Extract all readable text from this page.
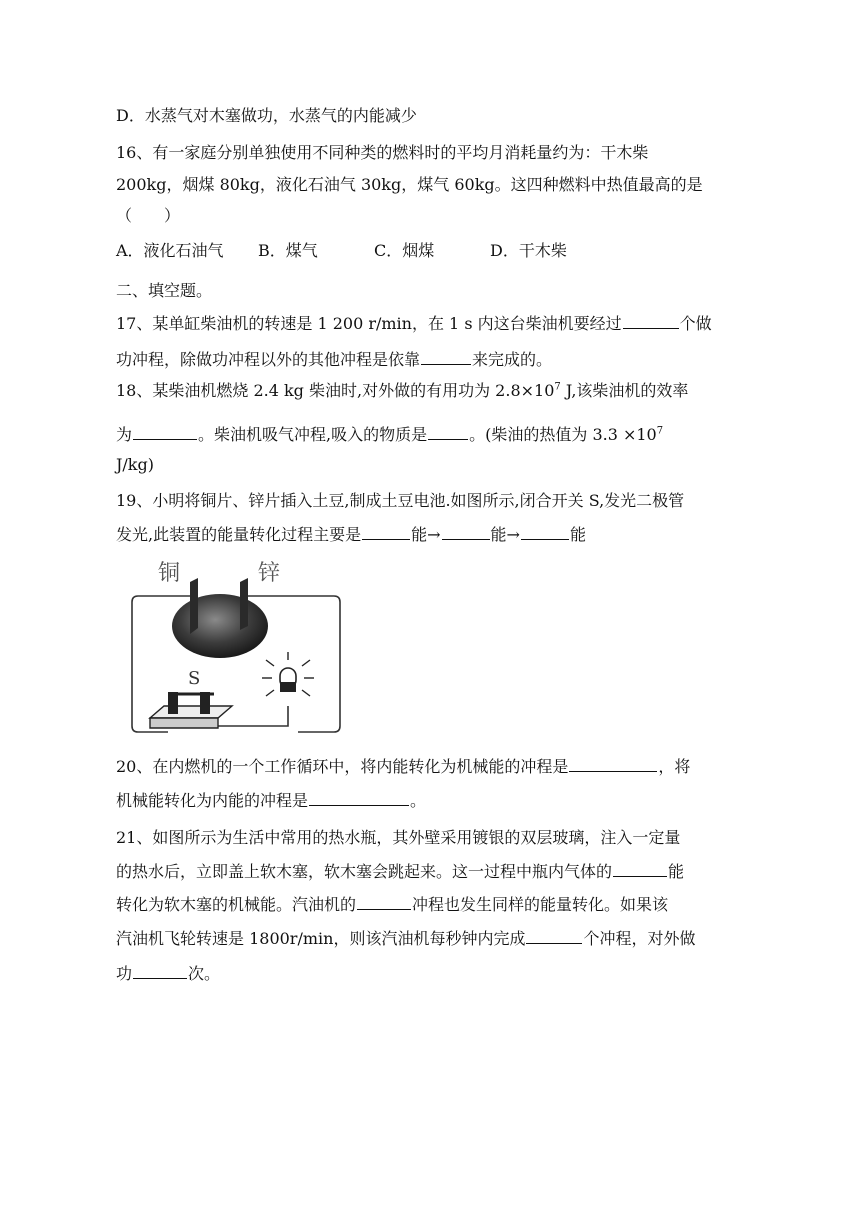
D．水蒸气对木塞做功，水蒸气的内能减少
16、有一家庭分别单独使用不同种类的燃料时的平均月消耗量约为：干木柴
200kg，烟煤 80kg，液化石油气 30kg，煤气 60kg。这四种燃料中热值最高的是
（　　）
A．液化石油气 B．煤气	C．烟煤	D．干木柴
二、填空题。
17、某单缸柴油机的转速是 1 200 r/min，在 1 s 内这台柴油机要经过	个做
功冲程，除做功冲程以外的其他冲程是依靠	来完成的。
18、某柴油机燃烧 2.4 kg 柴油时,对外做的有用功为 $2.8\times 10^7$ J,该柴油机的效率
为	。柴油机吸气冲程,吸入的物质是	。(柴油的热值为 $3.3 \times 10^7$
J/kg)
19、小明将铜片、锌片插入土豆,制成土豆电池.如图所示,闭合开关 S,发光二极管
发光,此装置的能量转化过程主要是	能→	能→	能
铜	锌
S
20、在内燃机的一个工作循环中，将内能转化为机械能的冲程是	，将
机械能转化为内能的冲程是	。
21、如图所示为生活中常用的热水瓶，其外壁采用镀银的双层玻璃，注入一定量
的热水后，立即盖上软木塞，软木塞会跳起来。这一过程中瓶内气体的	能
转化为软木塞的机械能。汽油机的	冲程也发生同样的能量转化。如果该
汽油机飞轮转速是 1800r/min，则该汽油机每秒钟内完成	个冲程，对外做
功	次。
